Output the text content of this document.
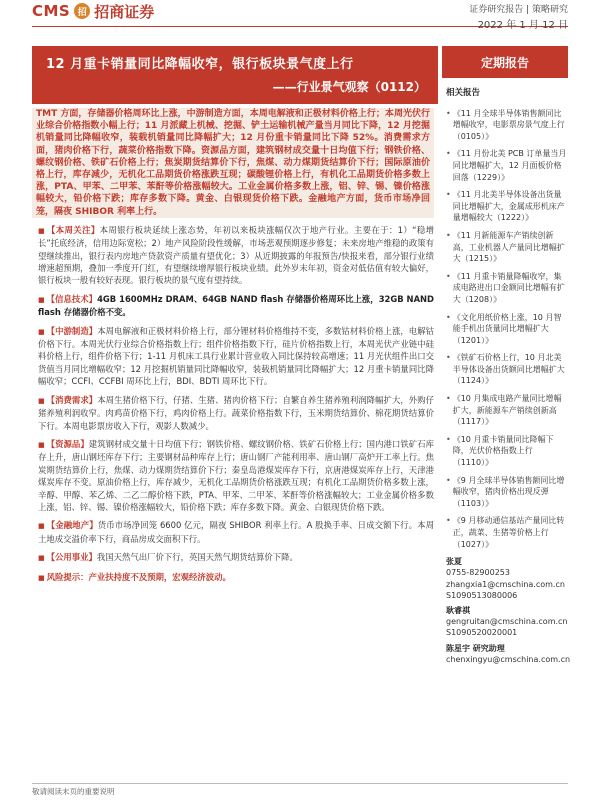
CMS 招 招商证券	证券研究报告 | 策略研究
2022 年 1 月 12 日
12 月重卡销量同比降幅收窄，银行板块景气度上行
——行业景气观察（0112）
定期报告
TMT 方面，存储器价格周环比上涨，中游制造方面，本周电解液和正极材料价格上行；本周光伏行业综合价格指数小幅上行；11 月派藏上机械、挖掘、铲土运输机械产量当月同比下降，12 月挖掘机销量同比降幅收窄，装载机销量同比降幅扩大；12 月份重卡销量同比下降 52%。消费需求方面，猪肉价格下行，蔬菜价格指数下降。资源品方面，建筑钢材成交量十日均值下行；钢铁价格、螺纹钢价格、铁矿石价格上行；焦炭期货结算价下行，焦煤、动力煤期货结算价下行；国际原油价格上行，库存减少，无机化工品期货价格涨跌互现；碳酸锂价格上行，有机化工品期货价格多数上涨，PTA、甲苯、二甲苯、苯酐等价格涨幅较大。工业金属价格多数上涨，铝、锌、锡、镍价格涨幅较大，铅价格下跌；库存多数下降。黄金、白银现货价格下跌。金融地产方面，货币市场净回笼，隔夜 SHIBOR 利率上行。
■ 【本周关注】本周银行板块延续上涨态势，年初以来板块涨幅仅次于地产行业。主要在于：1）“稳增长”托底经济，信用边际宽松；2）地产风险阶段性缓解，市场悲观预期逐步修复；未来房地产维稳的政策有望继续推出，银行表内房地产贷款资产质量有望优化；3）从近期披露的年报预告/快报来看，部分银行业绩增速超预期，叠加一季度开门红，有望继续增厚银行板块业绩。此外岁末年初，资金对低估值有较大偏好，银行板块一般有较好表现。银行板块的景气度有望持续。
■ 【信息技术】4GB 1600MHz DRAM、64GB NAND flash 存储器价格周环比上涨，32GB NAND flash 存储器价格不变。
■ 【中游制造】本周电解液和正极材料价格上行，部分锂材料价格维持不变，多数钴材料价格上涨，电解钴价格下行。本周光伏行业综合价格指数上行；组件价格指数下行，硅片价格指数上行，本周光伏产业链中硅料价格上行，组件价格下行；1-11 月机床工具行业累计营业收入同比保持较高增速；11 月光伏组件出口交货值当月同比增幅收窄；12 月挖掘机销量同比降幅收窄，装载机销量同比降幅扩大；12 月重卡销量同比降幅收窄；CCFI、CCFBI 周环比上行，BDI、BDTI 周环比下行。
■ 【消费需求】本周生猪价格下行，仔猪、生猪、猪肉价格下行；自繁自养生猪养殖利润降幅扩大，外购仔猪养殖利润收窄。肉鸡苗价格下行，鸡肉价格上行。蔬菜价格指数下行，玉米期货结算价、棉花期货结算价下行。本周电影票房收入下行，观影人数减少。
■ 【资源品】建筑钢材成交量十日均值下行；钢铁价格、螺纹钢价格、铁矿石价格上行；国内港口铁矿石库存上升，唐山钢坯库存下行；主要钢材品种库存上行；唐山钢厂产能利用率、唐山钢厂高炉开工率上行。焦炭期货结算价上行，焦煤、动力煤期货结算价下行；秦皇岛港煤炭库存下行，京唐港煤炭库存上行，天津港煤炭库存不变。原油价格上行，库存减少，无机化工品期货价格涨跌互现；有机化工品期货价格多数上涨，辛醇、甲醇、苯乙烯、二乙二醇价格下跌，PTA、甲苯、二甲苯、苯酐等价格涨幅较大；工业金属价格多数上涨，铝、锌、锡、镍价格涨幅较大，铅价格下跌；库存多数下降。黄金、白银现货价格下跌。
■ 【金融地产】货币市场净回笼 6600 亿元，隔夜 SHIBOR 利率上行。A 股换手率、日成交额下行。本周土地成交溢价率下行，商品房成交面积下行。
■ 【公用事业】我国天然气出厂价下行，英国天然气期货结算价下降。
■ 风险提示：产业扶持度不及预期，宏观经济波动。
相关报告
• 《11 月全球半导体销售额同比增幅收窄，电影票房景气度上行（0105）》
• 《11 月份北美 PCB 订单量当月同比增幅扩大，12 月面板价格回落（1229）》
• 《11 月北美半导体设备出货量同比增幅扩大，金属成形机床产量增幅较大（1222）》
• 《11 月新能源车产销续创新高，工业机器人产量同比增幅扩大（1215）》
• 《11 月重卡销量降幅收窄，集成电路进出口金额同比增幅有扩大（1208）》
• 《文化用纸价格上涨，10 月智能手机出货量同比增幅扩大（1201）》
• 《铁矿石价格上行，10 月北美半导体设备出货额同比增幅扩大（1124）》
• 《10 月集成电路产量同比增幅扩大，新能源车产销续创新高（1117）》
• 《10 月重卡销量同比降幅下降，光伏价格指数上行（1110）》
• 《9 月全球半导体销售额同比增幅收窄，猪肉价格出现反弹（1103）》
• 《9 月移动通信基站产量同比转正，蔬菜、生猪等价格上行（1027）》
张夏
0755-82900253
zhangxia1@cmschina.com.cn
S1090513080006
耿睿祺
gengruitan@cmschina.com.cn
S1090520020001
陈星宇 研究助理
chenxingyu@cmschina.com.cn
敬请阅读末页的重要说明
